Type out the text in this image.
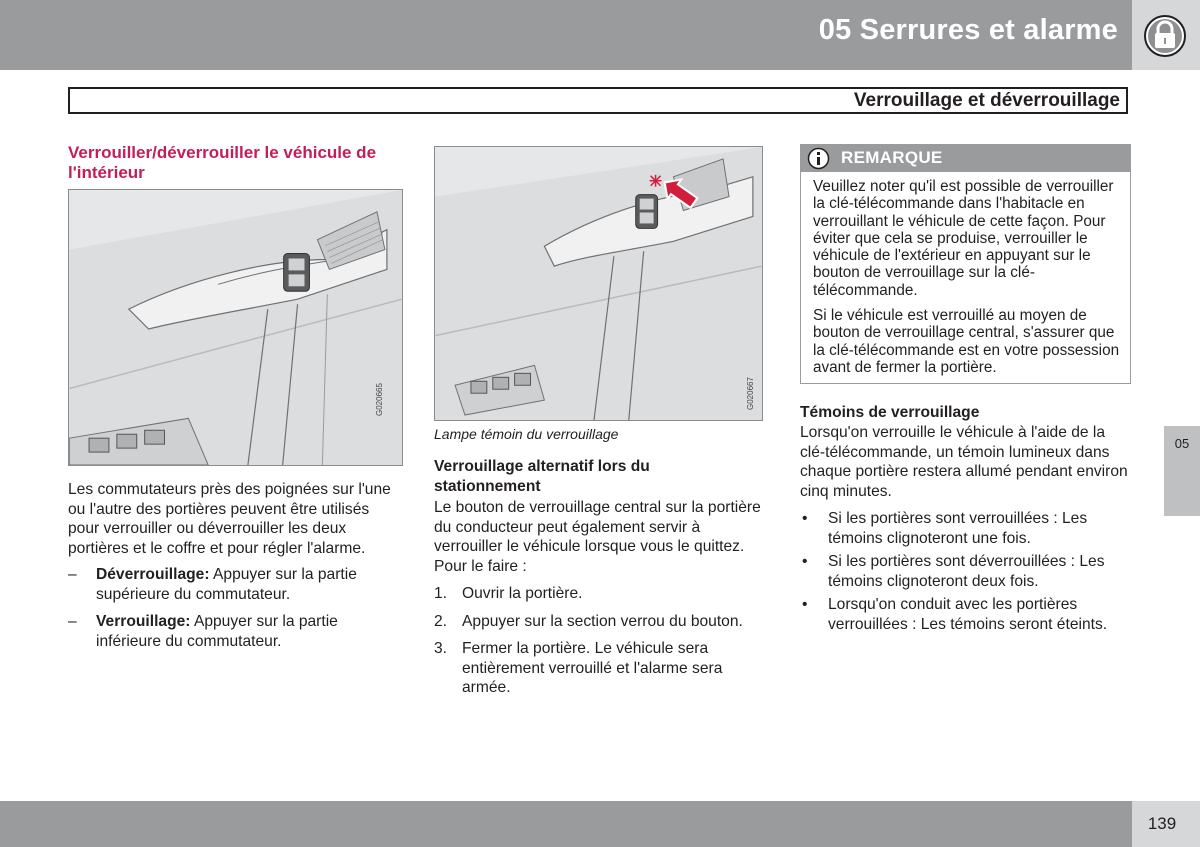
05 Serrures et alarme
Verrouillage et déverrouillage
Verrouiller/déverrouiller le véhicule de l'intérieur
G020665
Les commutateurs près des poignées sur l'une ou l'autre des portières peuvent être utilisés pour verrouiller ou déverrouiller les deux portières et le coffre et pour régler l'alarme.
– Déverrouillage: Appuyer sur la partie supérieure du commutateur.
– Verrouillage: Appuyer sur la partie inférieure du commutateur.
G020667
Lampe témoin du verrouillage
Verrouillage alternatif lors du stationnement
Le bouton de verrouillage central sur la portière du conducteur peut également servir à verrouiller le véhicule lorsque vous le quittez. Pour le faire :
1. Ouvrir la portière.
2. Appuyer sur la section verrou du bouton.
3. Fermer la portière. Le véhicule sera entièrement verrouillé et l'alarme sera armée.
REMARQUE

Veuillez noter qu'il est possible de verrouiller la clé-télécommande dans l'habitacle en verrouillant le véhicule de cette façon. Pour éviter que cela se produise, verrouiller le véhicule de l'extérieur en appuyant sur le bouton de verrouillage sur la clé-télécommande.

Si le véhicule est verrouillé au moyen de bouton de verrouillage central, s'assurer que la clé-télécommande est en votre possession avant de fermer la portière.

Témoins de verrouillage
Lorsqu'on verrouille le véhicule à l'aide de la clé-télécommande, un témoin lumineux dans chaque portière restera allumé pendant environ cinq minutes.
• Si les portières sont verrouillées : Les témoins clignoteront une fois.
• Si les portières sont déverrouillées : Les témoins clignoteront deux fois.
• Lorsqu'on conduit avec les portières verrouillées : Les témoins seront éteints.
05
139
